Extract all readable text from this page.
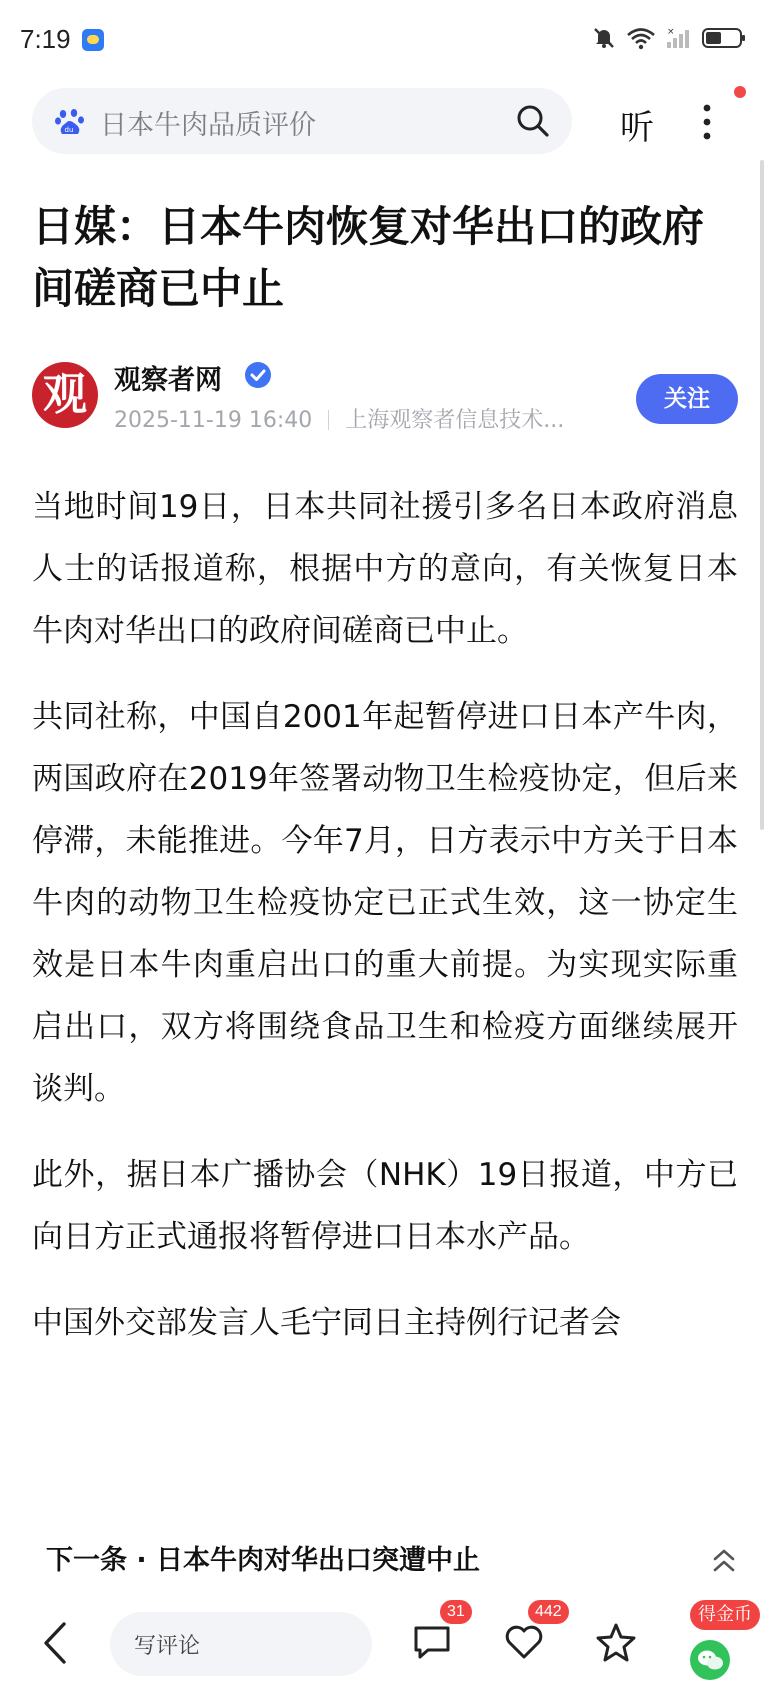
7:19	×
du 日本牛肉品质评价	听
日媒：日本牛肉恢复对华出口的政府间磋商已中止
观	观察者网
2025-11-19 16:40 上海观察者信息技术...
关注

当地时间19日，日本共同社援引多名日本政府消息人士的话报道称，根据中方的意向，有关恢复日本牛肉对华出口的政府间磋商已中止。

共同社称，中国自2001年起暂停进口日本产牛肉，两国政府在2019年签署动物卫生检疫协定，但后来停滞，未能推进。今年7月，日方表示中方关于日本牛肉的动物卫生检疫协定已正式生效，这一协定生效是日本牛肉重启出口的重大前提。为实现实际重启出口，双方将围绕食品卫生和检疫方面继续展开谈判。

此外，据日本广播协会（NHK）19日报道，中方已向日方正式通报将暂停进口日本水产品。

中国外交部发言人毛宁同日主持例行记者会

下一条 · 日本牛肉对华出口突遭中止
写评论
31	442	得金币
